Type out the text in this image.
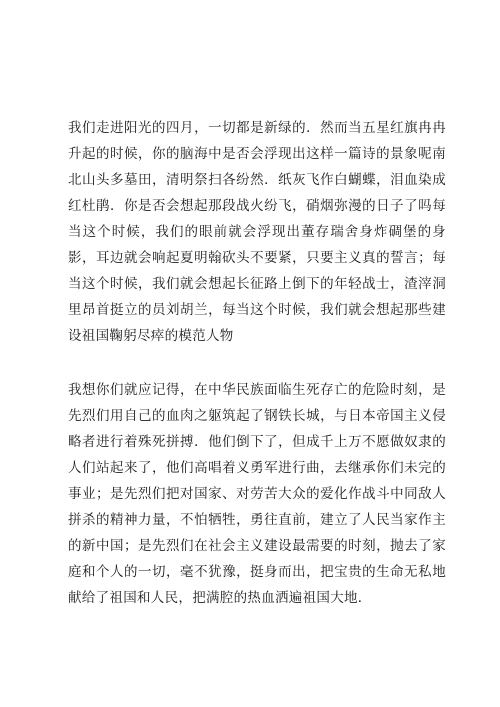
我们走进阳光的四月，一切都是新绿的．然而当五星红旗冉冉升起的时候，你的脑海中是否会浮现出这样一篇诗的景象呢南北山头多墓田，清明祭扫各纷然．纸灰飞作白蝴蝶，泪血染成红杜鹃．你是否会想起那段战火纷飞，硝烟弥漫的日子了吗每当这个时候，我们的眼前就会浮现出董存瑞舍身炸碉堡的身影，耳边就会响起夏明翰砍头不要紧，只要主义真的誓言；每当这个时候，我们就会想起长征路上倒下的年轻战士，渣滓洞里昂首挺立的员刘胡兰，每当这个时候，我们就会想起那些建设祖国鞠躬尽瘁的模范人物

我想你们就应记得，在中华民族面临生死存亡的危险时刻，是先烈们用自己的血肉之躯筑起了钢铁长城，与日本帝国主义侵略者进行着殊死拼搏．他们倒下了，但成千上万不愿做奴隶的人们站起来了，他们高唱着义勇军进行曲，去继承你们未完的事业；是先烈们把对国家、对劳苦大众的爱化作战斗中同敌人拼杀的精神力量，不怕牺牲，勇往直前，建立了人民当家作主的新中国；是先烈们在社会主义建设最需要的时刻，抛去了家庭和个人的一切，毫不犹豫，挺身而出，把宝贵的生命无私地献给了祖国和人民，把满腔的热血洒遍祖国大地．
